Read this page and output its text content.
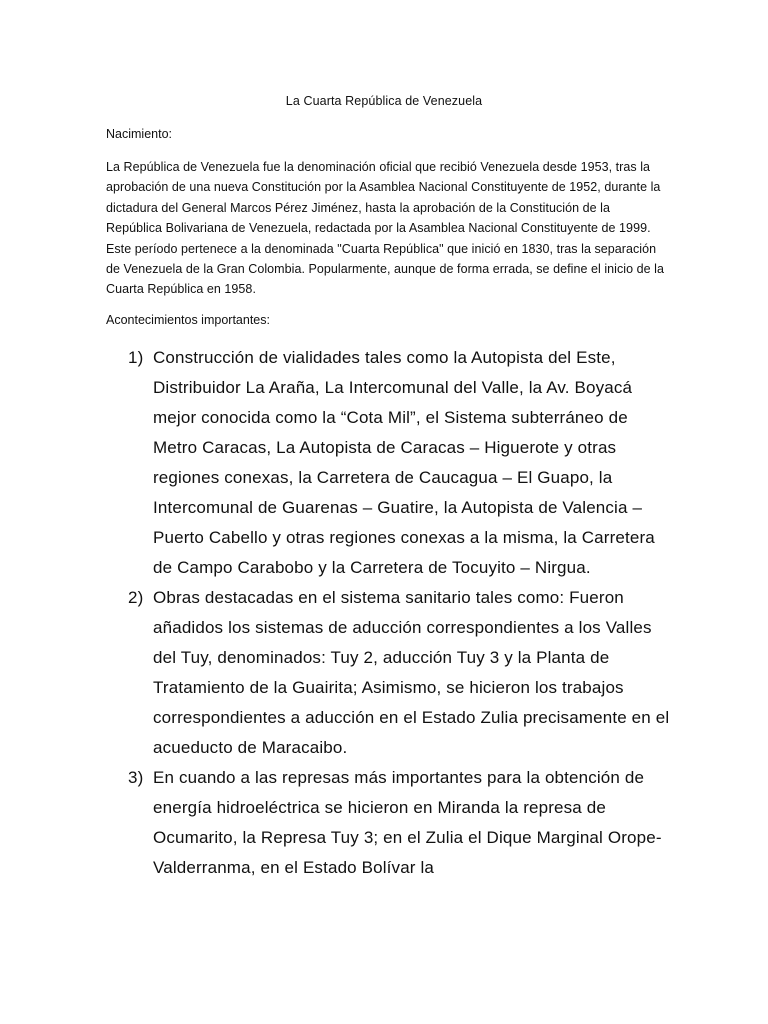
La Cuarta República de Venezuela
Nacimiento:

La República de Venezuela fue la denominación oficial que recibió Venezuela desde 1953, tras la aprobación de una nueva Constitución por la Asamblea Nacional Constituyente de 1952, durante la dictadura del General Marcos Pérez Jiménez, hasta la aprobación de la Constitución de la República Bolivariana de Venezuela, redactada por la Asamblea Nacional Constituyente de 1999. Este período pertenece a la denominada "Cuarta República" que inició en 1830, tras la separación de Venezuela de la Gran Colombia. Popularmente, aunque de forma errada, se define el inicio de la Cuarta República en 1958.

Acontecimientos importantes:
1) Construcción de vialidades tales como la Autopista del Este, Distribuidor La Araña, La Intercomunal del Valle, la Av. Boyacá mejor conocida como la “Cota Mil”, el Sistema subterráneo de Metro Caracas, La Autopista de Caracas – Higuerote y otras regiones conexas, la Carretera de Caucagua – El Guapo, la Intercomunal de Guarenas – Guatire, la Autopista de Valencia – Puerto Cabello y otras regiones conexas a la misma, la Carretera de Campo Carabobo y la Carretera de Tocuyito – Nirgua.
2) Obras destacadas en el sistema sanitario tales como: Fueron añadidos los sistemas de aducción correspondientes a los Valles del Tuy, denominados: Tuy 2, aducción Tuy 3 y la Planta de Tratamiento de la Guairita; Asimismo, se hicieron los trabajos correspondientes a aducción en el Estado Zulia precisamente en el acueducto de Maracaibo.
3) En cuando a las represas más importantes para la obtención de energía hidroeléctrica se hicieron en Miranda la represa de Ocumarito, la Represa Tuy 3; en el Zulia el Dique Marginal Orope-Valderranma, en el Estado Bolívar la
